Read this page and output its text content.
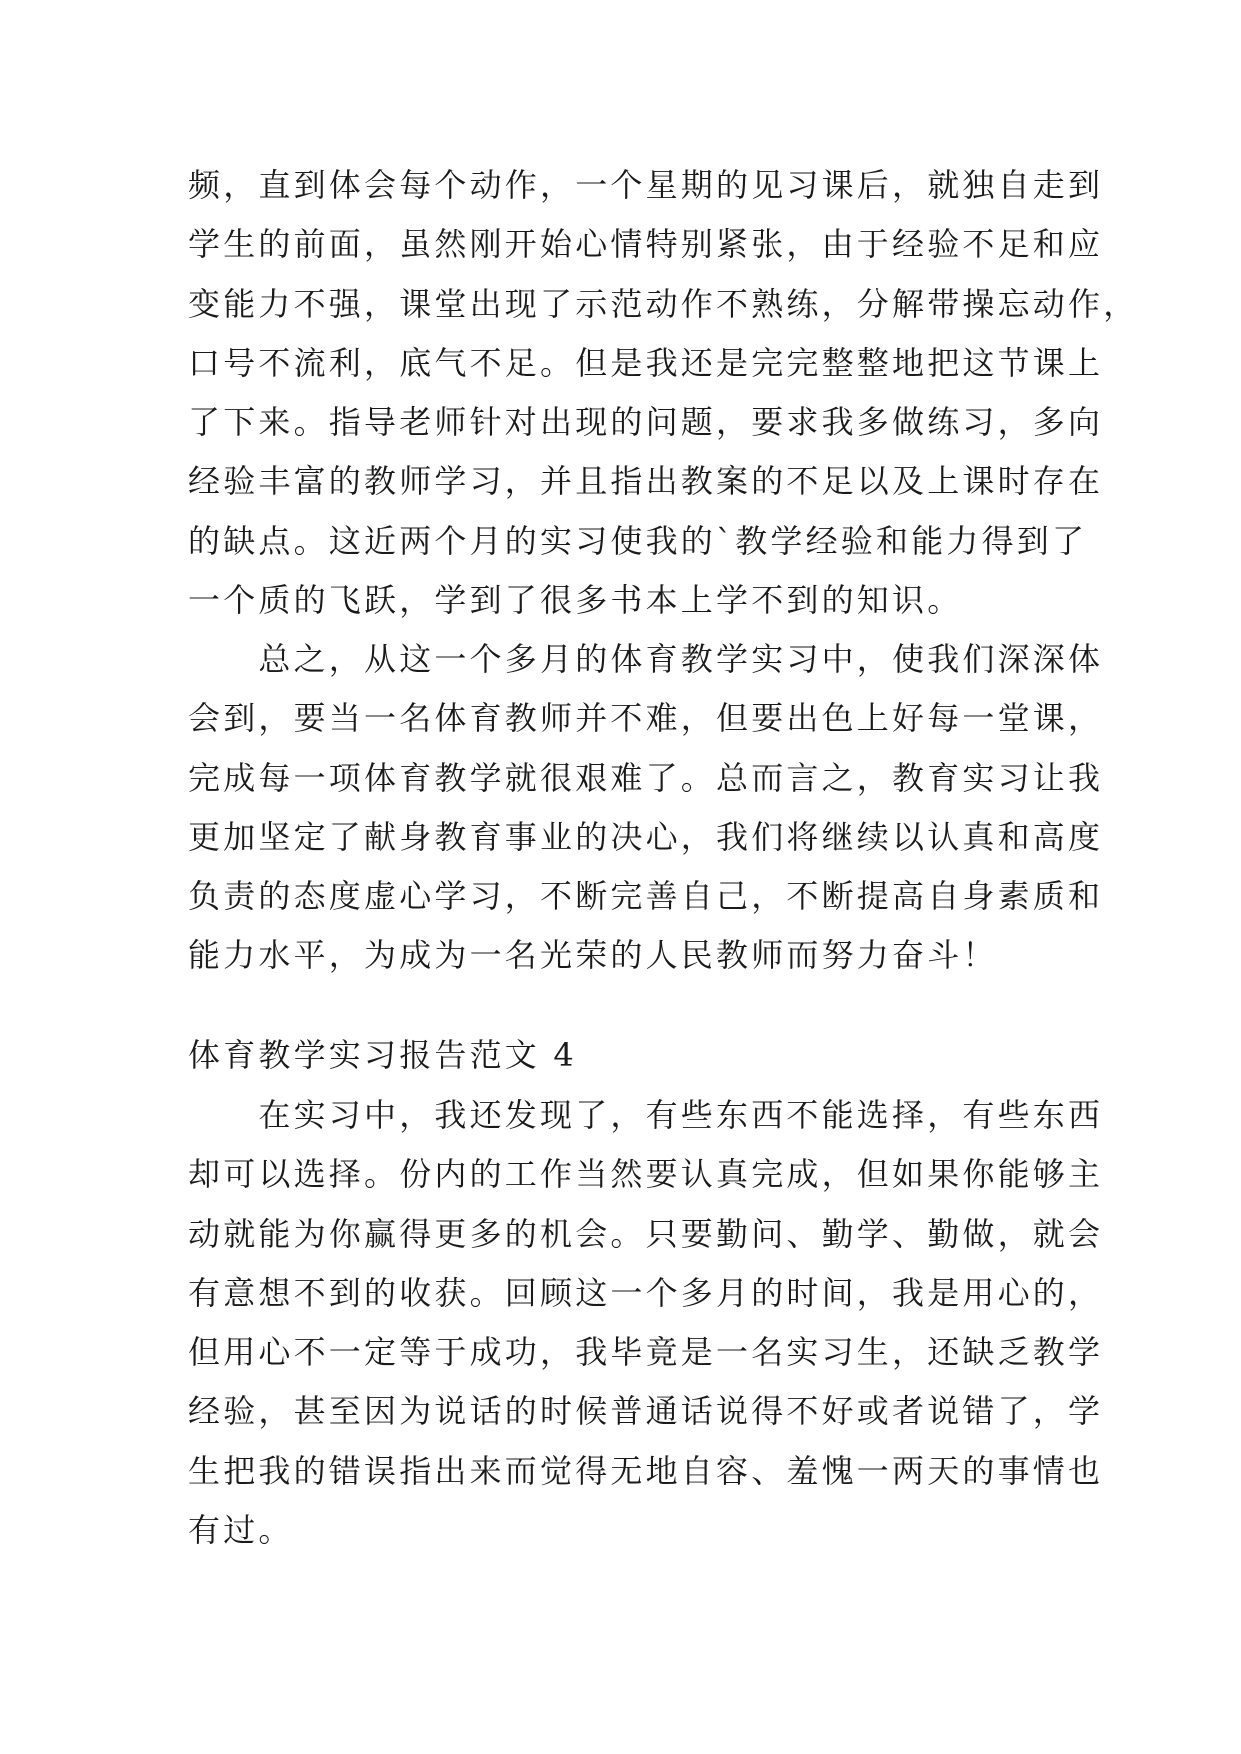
频，直到体会每个动作，一个星期的见习课后，就独自走到
学生的前面，虽然刚开始心情特别紧张，由于经验不足和应
变能力不强，课堂出现了示范动作不熟练，分解带操忘动作，
口号不流利，底气不足。但是我还是完完整整地把这节课上
了下来。指导老师针对出现的问题，要求我多做练习，多向
经验丰富的教师学习，并且指出教案的不足以及上课时存在
的缺点。这近两个月的实习使我的`教学经验和能力得到了
一个质的飞跃，学到了很多书本上学不到的知识。
　　总之，从这一个多月的体育教学实习中，使我们深深体
会到，要当一名体育教师并不难，但要出色上好每一堂课，
完成每一项体育教学就很艰难了。总而言之，教育实习让我
更加坚定了献身教育事业的决心，我们将继续以认真和高度
负责的态度虚心学习，不断完善自己，不断提高自身素质和
能力水平，为成为一名光荣的人民教师而努力奋斗！
体育教学实习报告范文 4
　　在实习中，我还发现了，有些东西不能选择，有些东西
却可以选择。份内的工作当然要认真完成，但如果你能够主
动就能为你赢得更多的机会。只要勤问、勤学、勤做，就会
有意想不到的收获。回顾这一个多月的时间，我是用心的，
但用心不一定等于成功，我毕竟是一名实习生，还缺乏教学
经验，甚至因为说话的时候普通话说得不好或者说错了，学
生把我的错误指出来而觉得无地自容、羞愧一两天的事情也
有过。
